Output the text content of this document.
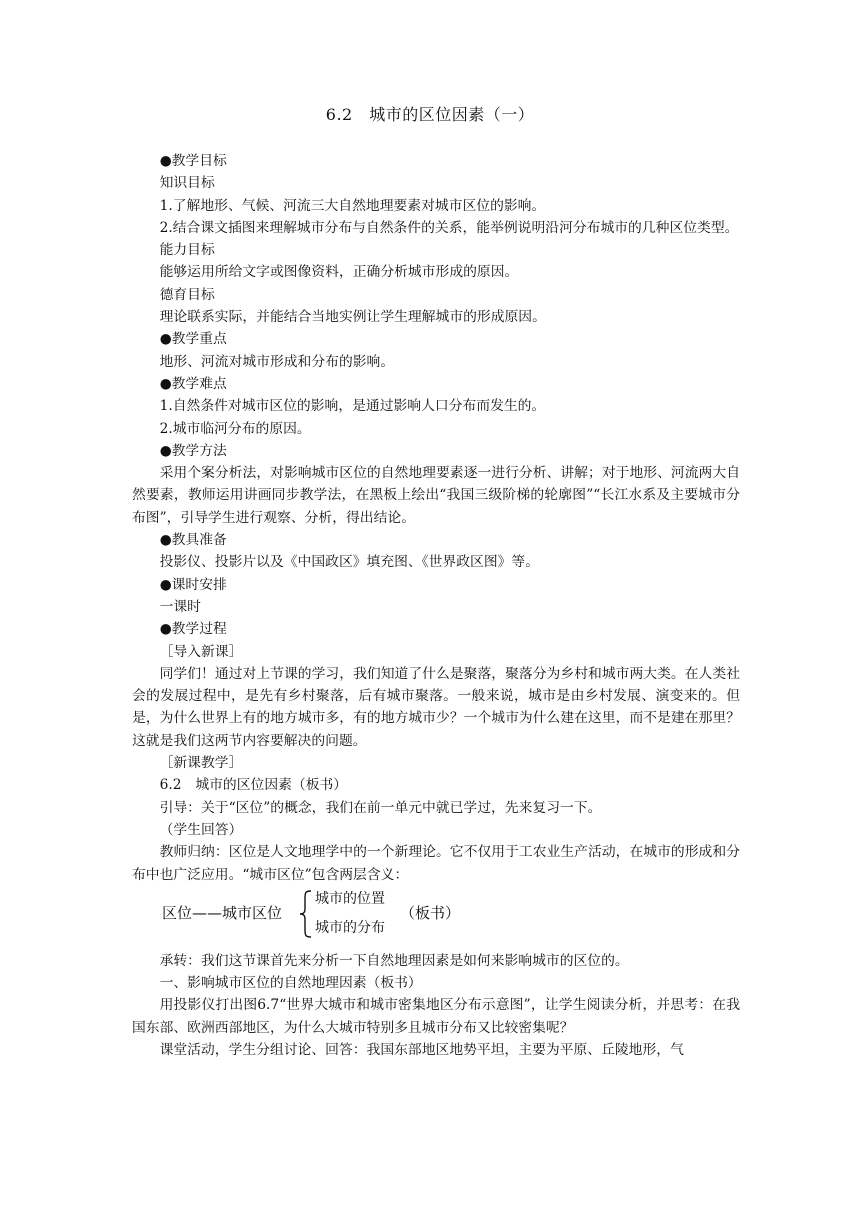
6.2　城市的区位因素（一）

●教学目标

知识目标

1.了解地形、气候、河流三大自然地理要素对城市区位的影响。

2.结合课文插图来理解城市分布与自然条件的关系，能举例说明沿河分布城市的几种区位类型。

能力目标

能够运用所给文字或图像资料，正确分析城市形成的原因。

德育目标

理论联系实际，并能结合当地实例让学生理解城市的形成原因。

●教学重点

地形、河流对城市形成和分布的影响。

●教学难点

1.自然条件对城市区位的影响，是通过影响人口分布而发生的。

2.城市临河分布的原因。

●教学方法

采用个案分析法，对影响城市区位的自然地理要素逐一进行分析、讲解；对于地形、河流两大自然要素，教师运用讲画同步教学法，在黑板上绘出“我国三级阶梯的轮廓图”“长江水系及主要城市分布图”，引导学生进行观察、分析，得出结论。

●教具准备

投影仪、投影片以及《中国政区》填充图、《世界政区图》等。

●课时安排

一课时

●教学过程

［导入新课］

同学们！通过对上节课的学习，我们知道了什么是聚落，聚落分为乡村和城市两大类。在人类社会的发展过程中，是先有乡村聚落，后有城市聚落。一般来说，城市是由乡村发展、演变来的。但是，为什么世界上有的地方城市多，有的地方城市少？一个城市为什么建在这里，而不是建在那里？这就是我们这两节内容要解决的问题。

［新课教学］

6.2　城市的区位因素（板书）

引导：关于“区位”的概念，我们在前一单元中就已学过，先来复习一下。

（学生回答）

教师归纳：区位是人文地理学中的一个新理论。它不仅用于工农业生产活动，在城市的形成和分布中也广泛应用。“城市区位”包含两层含义：

区位——城市区位
城市的位置
城市的分布
（板书）

承转：我们这节课首先来分析一下自然地理因素是如何来影响城市的区位的。

一、影响城市区位的自然地理因素（板书）

用投影仪打出图6.7“世界大城市和城市密集地区分布示意图”，让学生阅读分析，并思考：在我国东部、欧洲西部地区，为什么大城市特别多且城市分布又比较密集呢？

课堂活动，学生分组讨论、回答：我国东部地区地势平坦，主要为平原、丘陵地形，气
